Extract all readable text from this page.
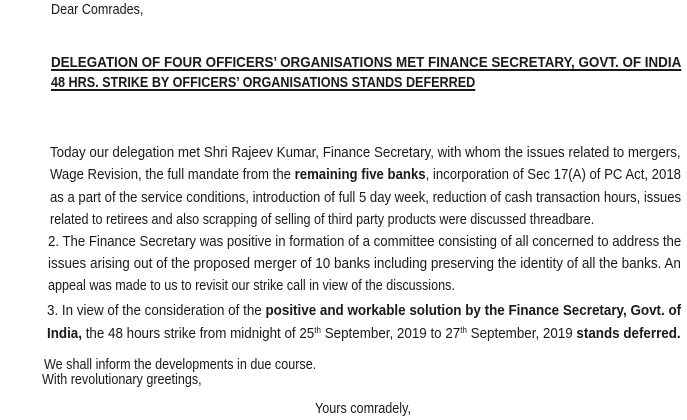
Dear Comrades,
DELEGATION OF FOUR OFFICERS’ ORGANISATIONS MET FINANCE SECRETARY, GOVT. OF INDIA
48 HRS. STRIKE BY OFFICERS’ ORGANISATIONS STANDS DEFERRED
Today our delegation met Shri Rajeev Kumar, Finance Secretary, with whom the issues related to mergers,
Wage Revision, the full mandate from the remaining five banks, incorporation of Sec 17(A) of PC Act, 2018
as a part of the service conditions, introduction of full 5 day week, reduction of cash transaction hours, issues
related to retirees and also scrapping of selling of third party products were discussed threadbare.
2. The Finance Secretary was positive in formation of a committee consisting of all concerned to address the
issues arising out of the proposed merger of 10 banks including preserving the identity of all the banks. An
appeal was made to us to revisit our strike call in view of the discussions.
3. In view of the consideration of the positive and workable solution by the Finance Secretary, Govt. of
India, the 48 hours strike from midnight of 25th September, 2019 to 27th September, 2019 stands deferred.
We shall inform the developments in due course.
With revolutionary greetings,
Yours comradely,
